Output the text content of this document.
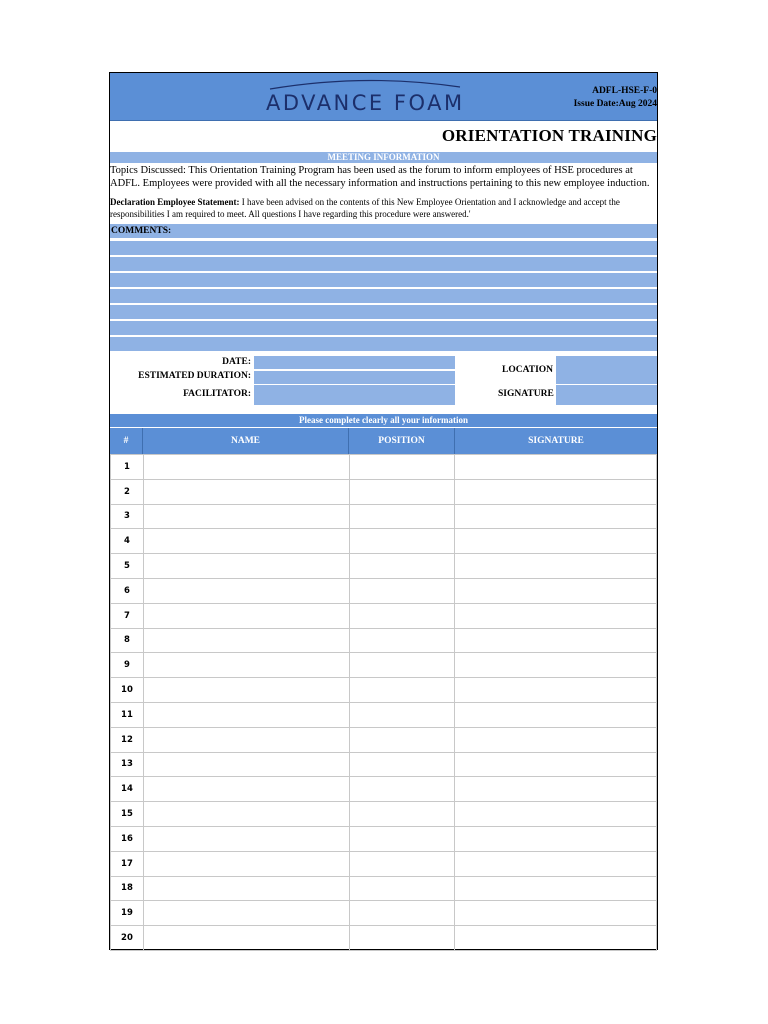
ADVANCE FOAM	ADFL-HSE-F-0
Issue Date:Aug 2024
ORIENTATION TRAINING
MEETING INFORMATION
Topics Discussed: This Orientation Training Program has been used as the forum to inform employees of HSE procedures at ADFL. Employees were provided with all the necessary information and instructions pertaining to this new employee induction.
Declaration Employee Statement: I have been advised on the contents of this New Employee Orientation and I acknowledge and accept the responsibilities I am required to meet. All questions I have regarding this procedure were answered.'
COMMENTS:
DATE:
ESTIMATED DURATION:
FACILITATOR:
LOCATION
SIGNATURE
Please complete clearly all your information
#	NAME	POSITION	SIGNATURE
1			
2			
3			
4			
5			
6			
7			
8			
9			
10			
11			
12			
13			
14			
15			
16			
17			
18			
19			
20			
